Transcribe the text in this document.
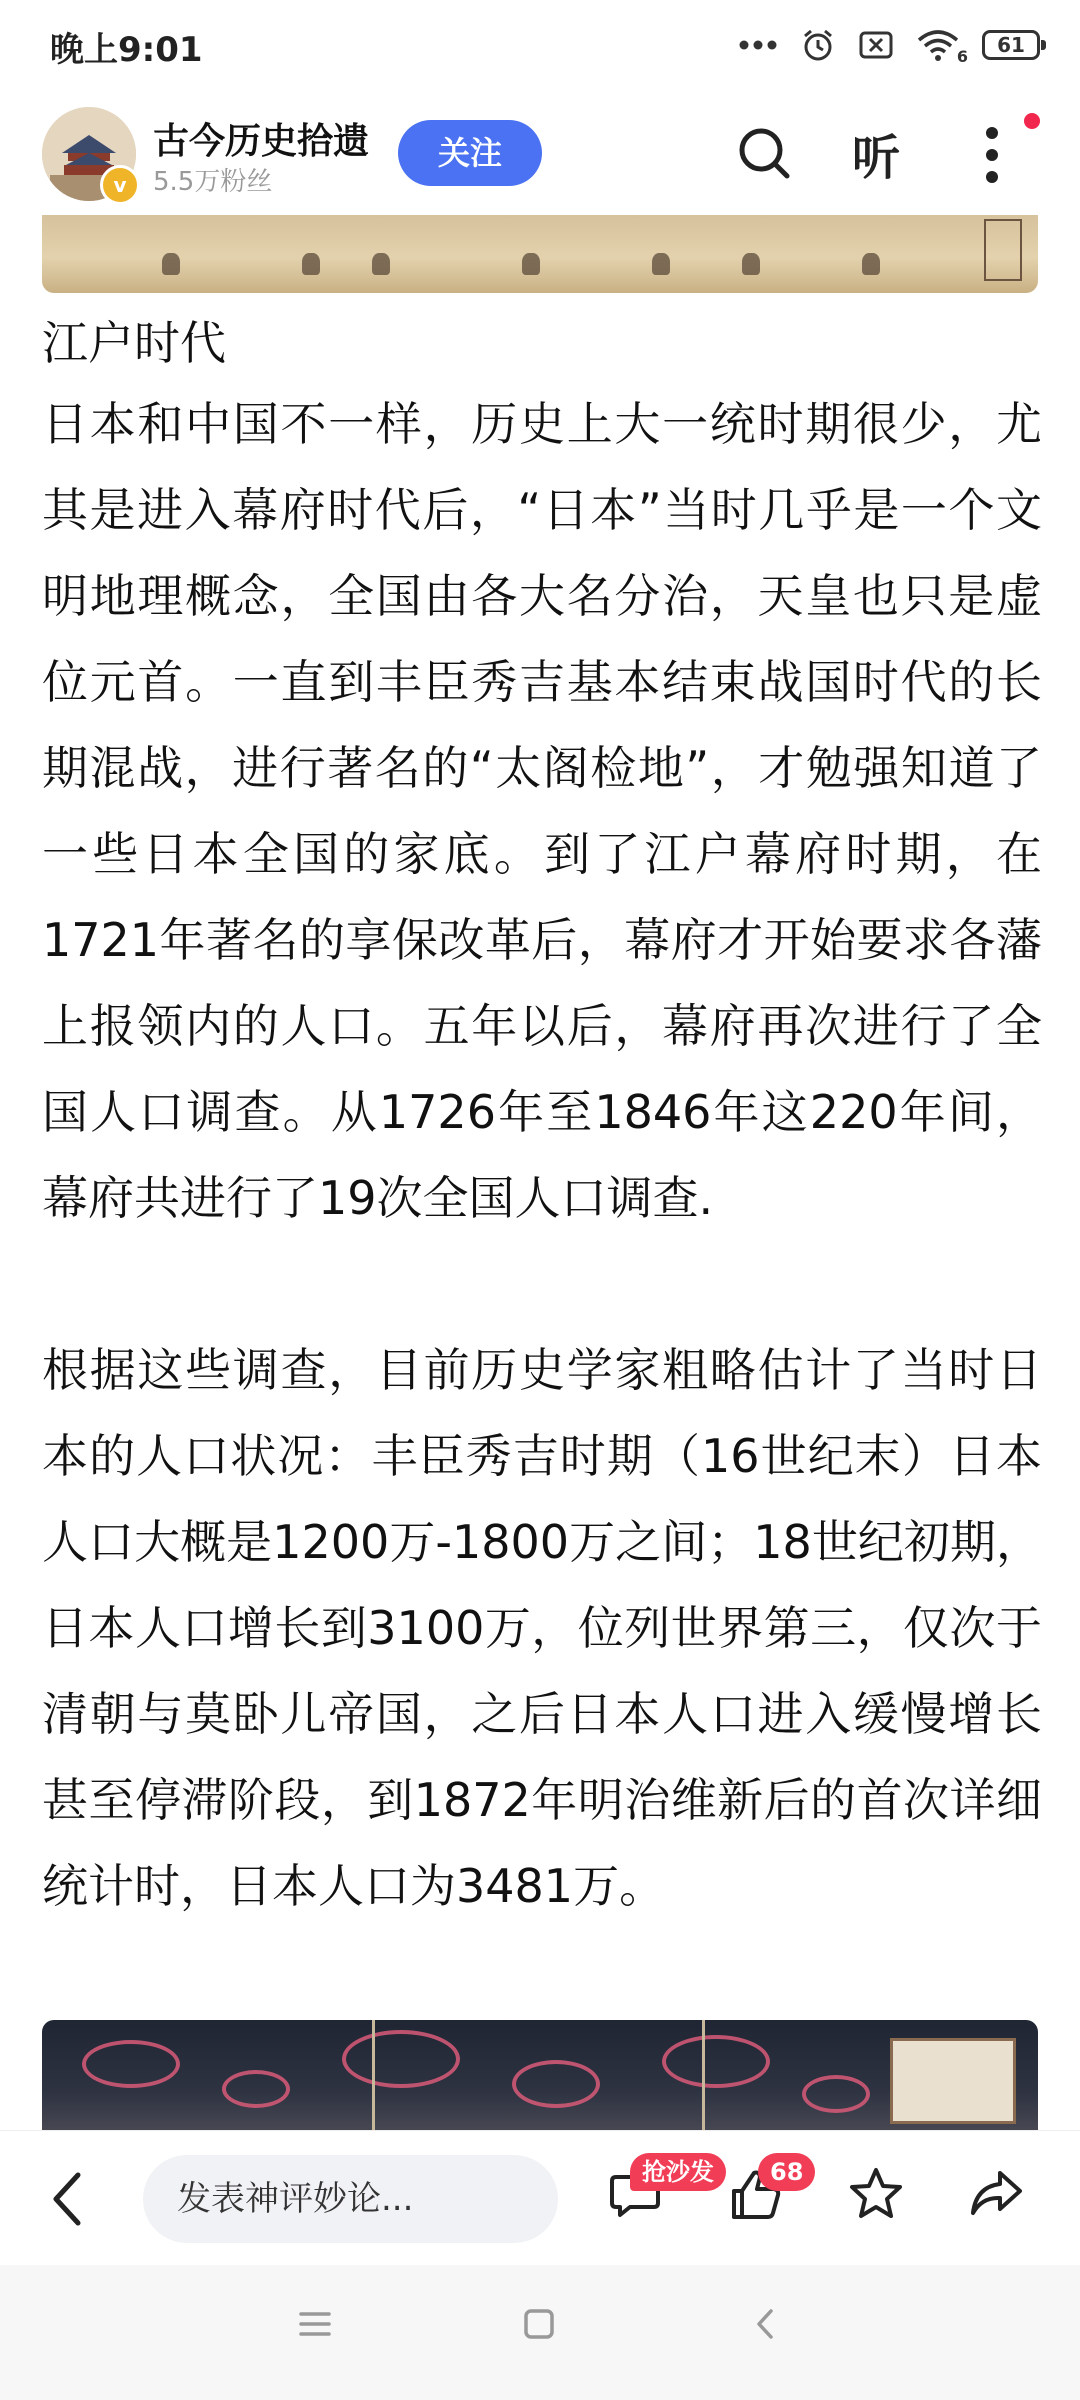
晚上9:01	6	61
v
古今历史拾遗
5.5万粉丝
关注	听
江户时代

日本和中国不一样，历史上大一统时期很少，尤其是进入幕府时代后，“日本”当时几乎是一个文明地理概念，全国由各大名分治，天皇也只是虚位元首。一直到丰臣秀吉基本结束战国时代的长期混战，进行著名的“太阁检地”，才勉强知道了一些日本全国的家底。到了江户幕府时期，在1721年著名的享保改革后，幕府才开始要求各藩上报领内的人口。五年以后，幕府再次进行了全国人口调查。从1726年至1846年这220年间，幕府共进行了19次全国人口调查.

根据这些调查，目前历史学家粗略估计了当时日本的人口状况：丰臣秀吉时期（16世纪末）日本人口大概是1200万-1800万之间；18世纪初期，日本人口增长到3100万，位列世界第三，仅次于清朝与莫卧儿帝国，之后日本人口进入缓慢增长甚至停滞阶段，到1872年明治维新后的首次详细统计时，日本人口为3481万。

发表神评妙论...
抢沙发	68
